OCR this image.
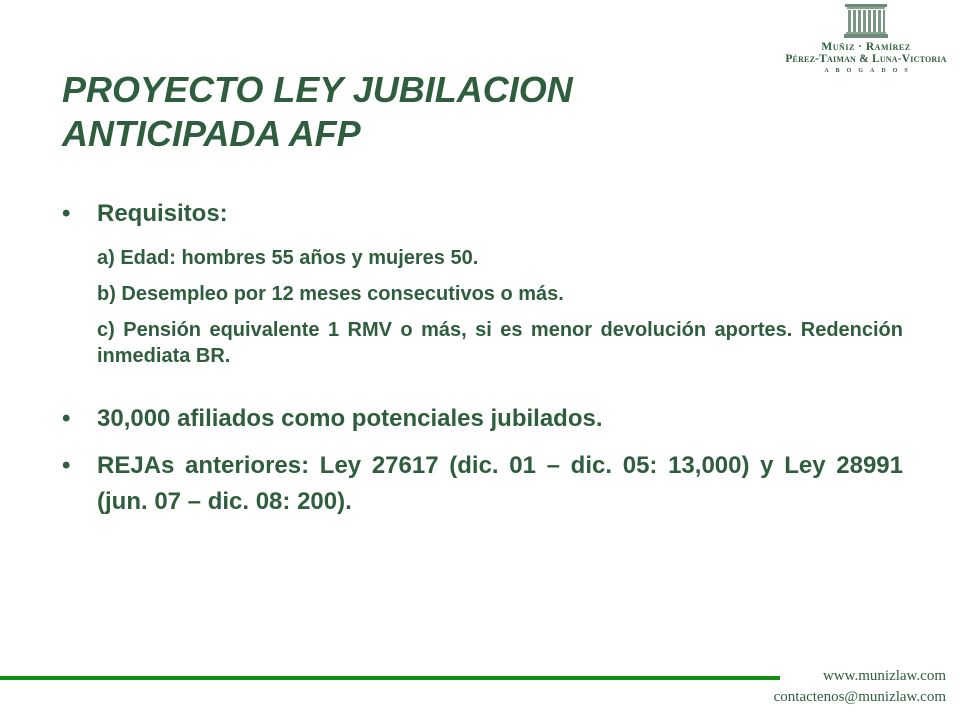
Muñiz · Ramírez
Pérez-Taiman & Luna-Victoria
ABOGADOS
PROYECTO LEY JUBILACION
ANTICIPADA AFP
• Requisitos:
a) Edad: hombres 55 años y mujeres 50.
b) Desempleo por 12 meses consecutivos o más.
c) Pensión equivalente 1 RMV o más, si es menor devolución aportes. Redención inmediata BR.
• 30,000 afiliados como potenciales jubilados.
• REJAs anteriores: Ley 27617 (dic. 01 – dic. 05: 13,000) y Ley 28991 (jun. 07 – dic. 08: 200).
www.munizlaw.com
contactenos@munizlaw.com
